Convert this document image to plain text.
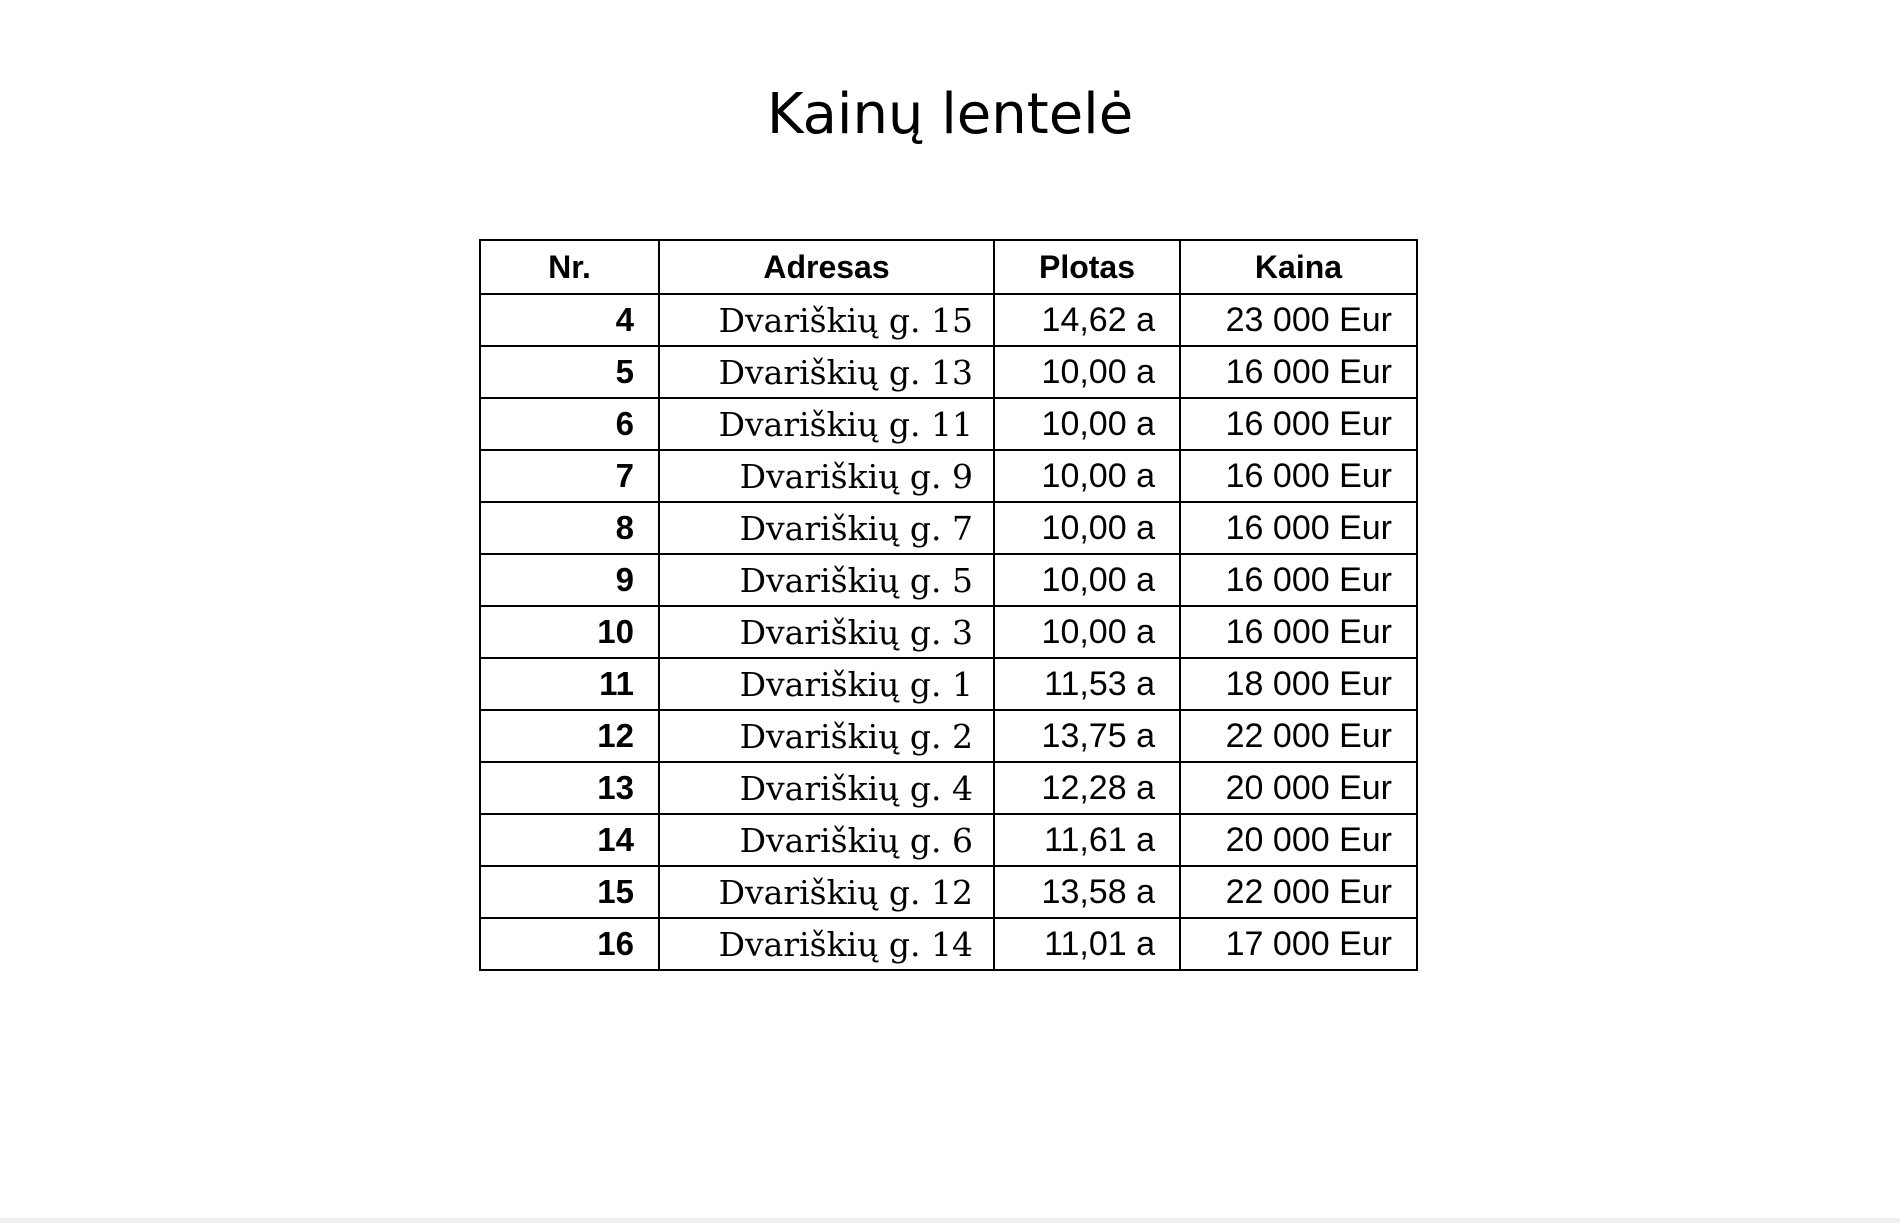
Kainų lentelė
Nr.	Adresas	Plotas	Kaina
4	Dvariškių g. 15	14,62 a	23 000 Eur
5	Dvariškių g. 13	10,00 a	16 000 Eur
6	Dvariškių g. 11	10,00 a	16 000 Eur
7	Dvariškių g. 9	10,00 a	16 000 Eur
8	Dvariškių g. 7	10,00 a	16 000 Eur
9	Dvariškių g. 5	10,00 a	16 000 Eur
10	Dvariškių g. 3	10,00 a	16 000 Eur
11	Dvariškių g. 1	11,53 a	18 000 Eur
12	Dvariškių g. 2	13,75 a	22 000 Eur
13	Dvariškių g. 4	12,28 a	20 000 Eur
14	Dvariškių g. 6	11,61 a	20 000 Eur
15	Dvariškių g. 12	13,58 a	22 000 Eur
16	Dvariškių g. 14	11,01 a	17 000 Eur
